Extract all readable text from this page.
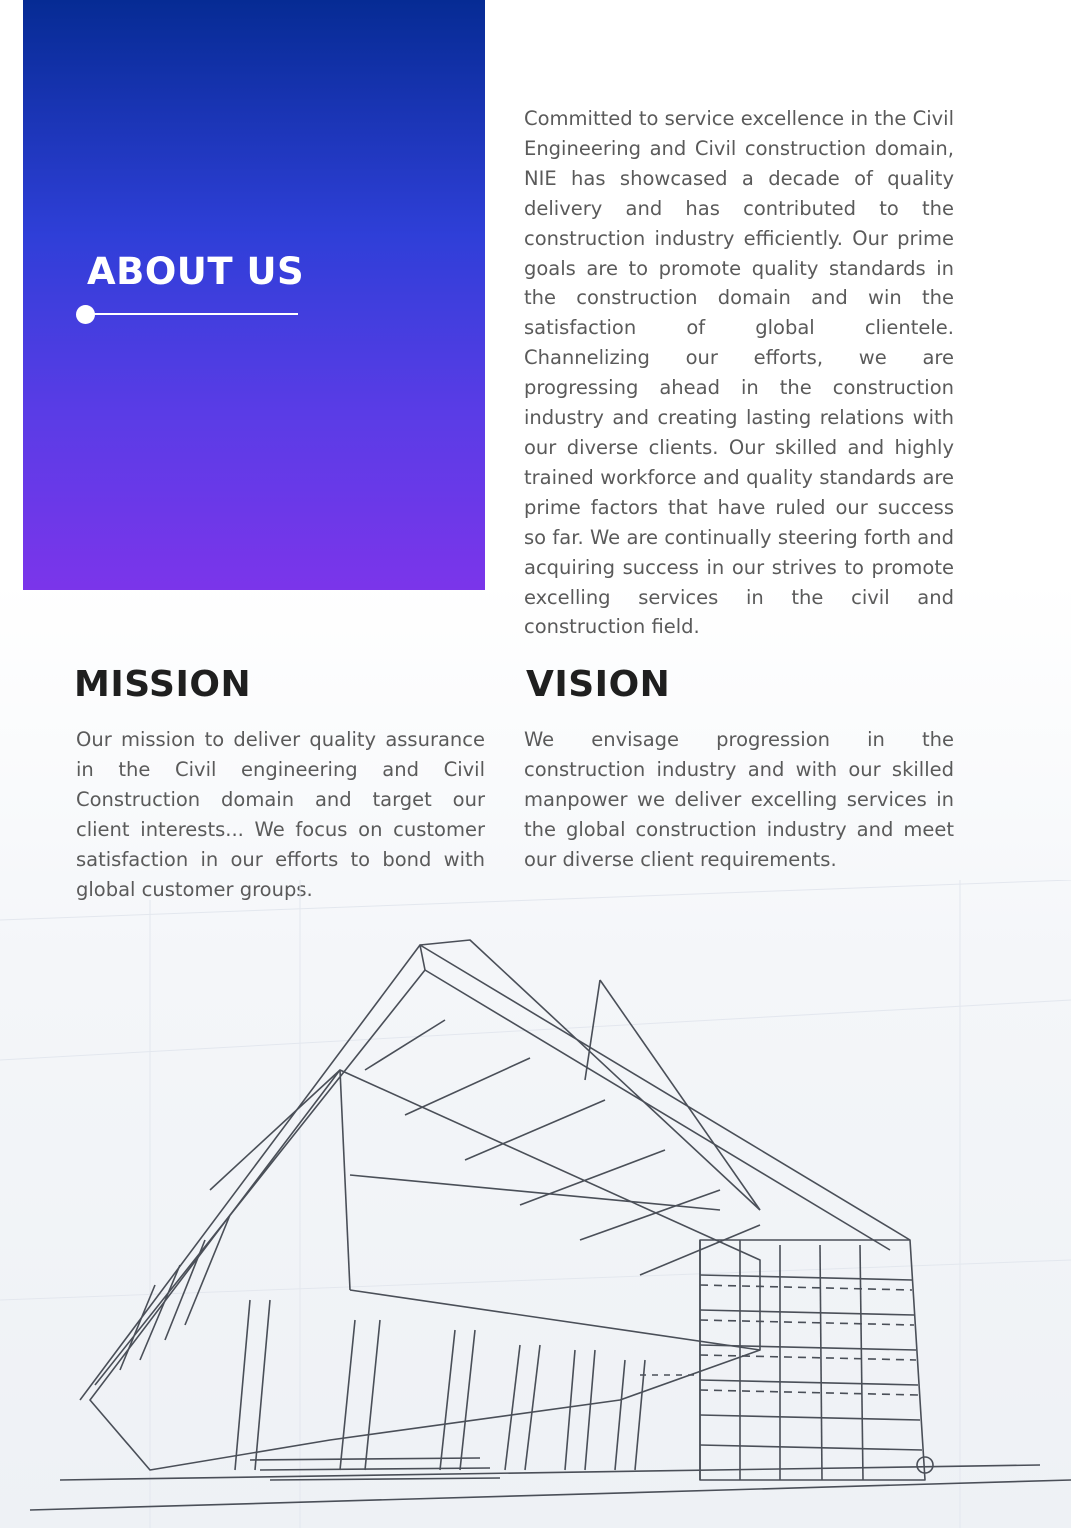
ABOUT US
Committed to service excellence in the Civil Engineering and Civil construction domain, NIE has showcased a decade of quality delivery and has contributed to the construction industry efficiently. Our prime goals are to promote quality standards in the construction domain and win the satisfaction of global clientele. Channelizing our efforts, we are progressing ahead in the construction industry and creating lasting relations with our diverse clients. Our skilled and highly trained workforce and quality standards are prime factors that have ruled our success so far. We are continually steering forth and acquiring success in our strives to promote excelling services in the civil and construction field.
MISSION
Our mission to deliver quality assurance in the Civil engineering and Civil Construction domain and target our client interests... We focus on customer satisfaction in our efforts to bond with global customer groups.
VISION
We envisage progression in the construction industry and with our skilled manpower we deliver excelling services in the global construction industry and meet our diverse client requirements.
